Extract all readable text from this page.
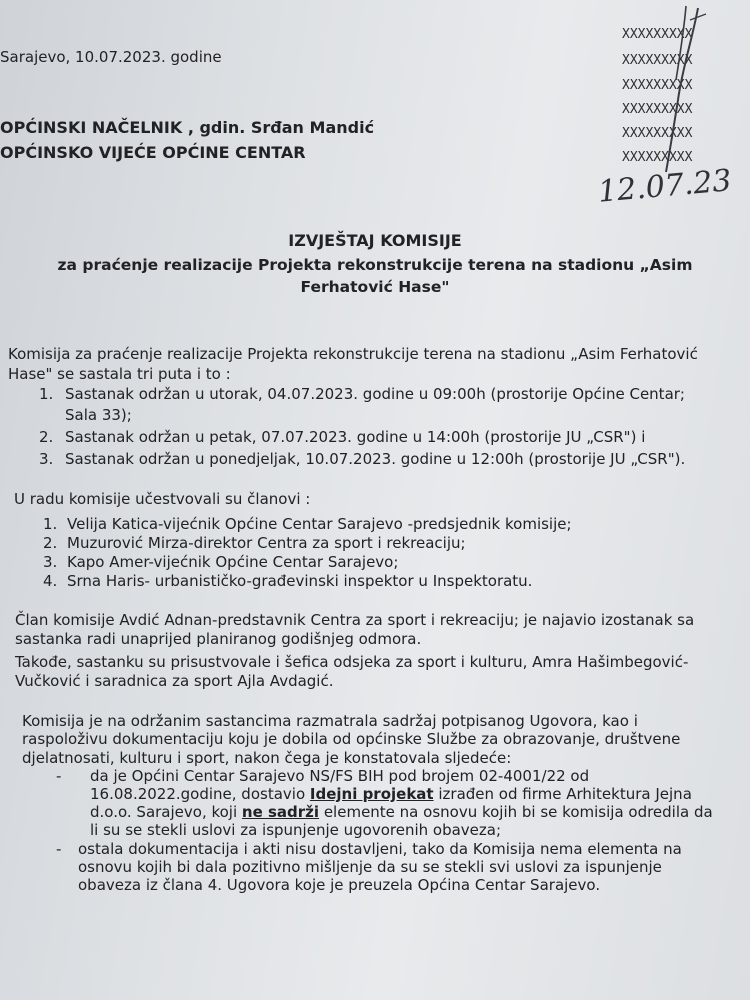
Sarajevo, 10.07.2023. godine
OPĆINSKI NAČELNIK , gdin. Srđan Mandić
OPĆINSKO VIJEĆE OPĆINE CENTAR
XXXXXXXXX
XXXXXXXXX
XXXXXXXXX
XXXXXXXXX
XXXXXXXXX
XXXXXXXXX
12.07.23
IZVJEŠTAJ KOMISIJE
za praćenje realizacije Projekta rekonstrukcije terena na stadionu „Asim
Ferhatović Hase"
Komisija za praćenje realizacije Projekta rekonstrukcije terena na stadionu „Asim Ferhatović
Hase" se sastala tri puta i to :
1. Sastanak održan u utorak, 04.07.2023. godine u 09:00h (prostorije Općine Centar;
Sala 33);
2. Sastanak održan u petak, 07.07.2023. godine u 14:00h (prostorije JU „CSR") i
3. Sastanak održan u ponedjeljak, 10.07.2023. godine u 12:00h (prostorije JU „CSR").
U radu komisije učestvovali su članovi :
1. Velija Katica-vijećnik Općine Centar Sarajevo -predsjednik komisije;
2. Muzurović Mirza-direktor Centra za sport i rekreaciju;
3. Kapo Amer-vijećnik Općine Centar Sarajevo;
4. Srna Haris- urbanističko-građevinski inspektor u Inspektoratu.
Član komisije Avdić Adnan-predstavnik Centra za sport i rekreaciju; je najavio izostanak sa
sastanka radi unaprijed planiranog godišnjeg odmora.
Takođe, sastanku su prisustvovale i šefica odsjeka za sport i kulturu, Amra Hašimbegović-
Vučković i saradnica za sport Ajla Avdagić.
Komisija je na održanim sastancima razmatrala sadržaj potpisanog Ugovora, kao i
raspoloživu dokumentaciju koju je dobila od općinske Službe za obrazovanje, društvene
djelatnosati, kulturu i sport, nakon čega je konstatovala sljedeće:
- da je Općini Centar Sarajevo NS/FS BIH pod brojem 02-4001/22 od
16.08.2022.godine, dostavio Idejni projekat izrađen od firme Arhitektura Jejna
d.o.o. Sarajevo, koji ne sadrži elemente na osnovu kojih bi se komisija odredila da
li su se stekli uslovi za ispunjenje ugovorenih obaveza;
- ostala dokumentacija i akti nisu dostavljeni, tako da Komisija nema elementa na
osnovu kojih bi dala pozitivno mišljenje da su se stekli svi uslovi za ispunjenje
obaveza iz člana 4. Ugovora koje je preuzela Općina Centar Sarajevo.
